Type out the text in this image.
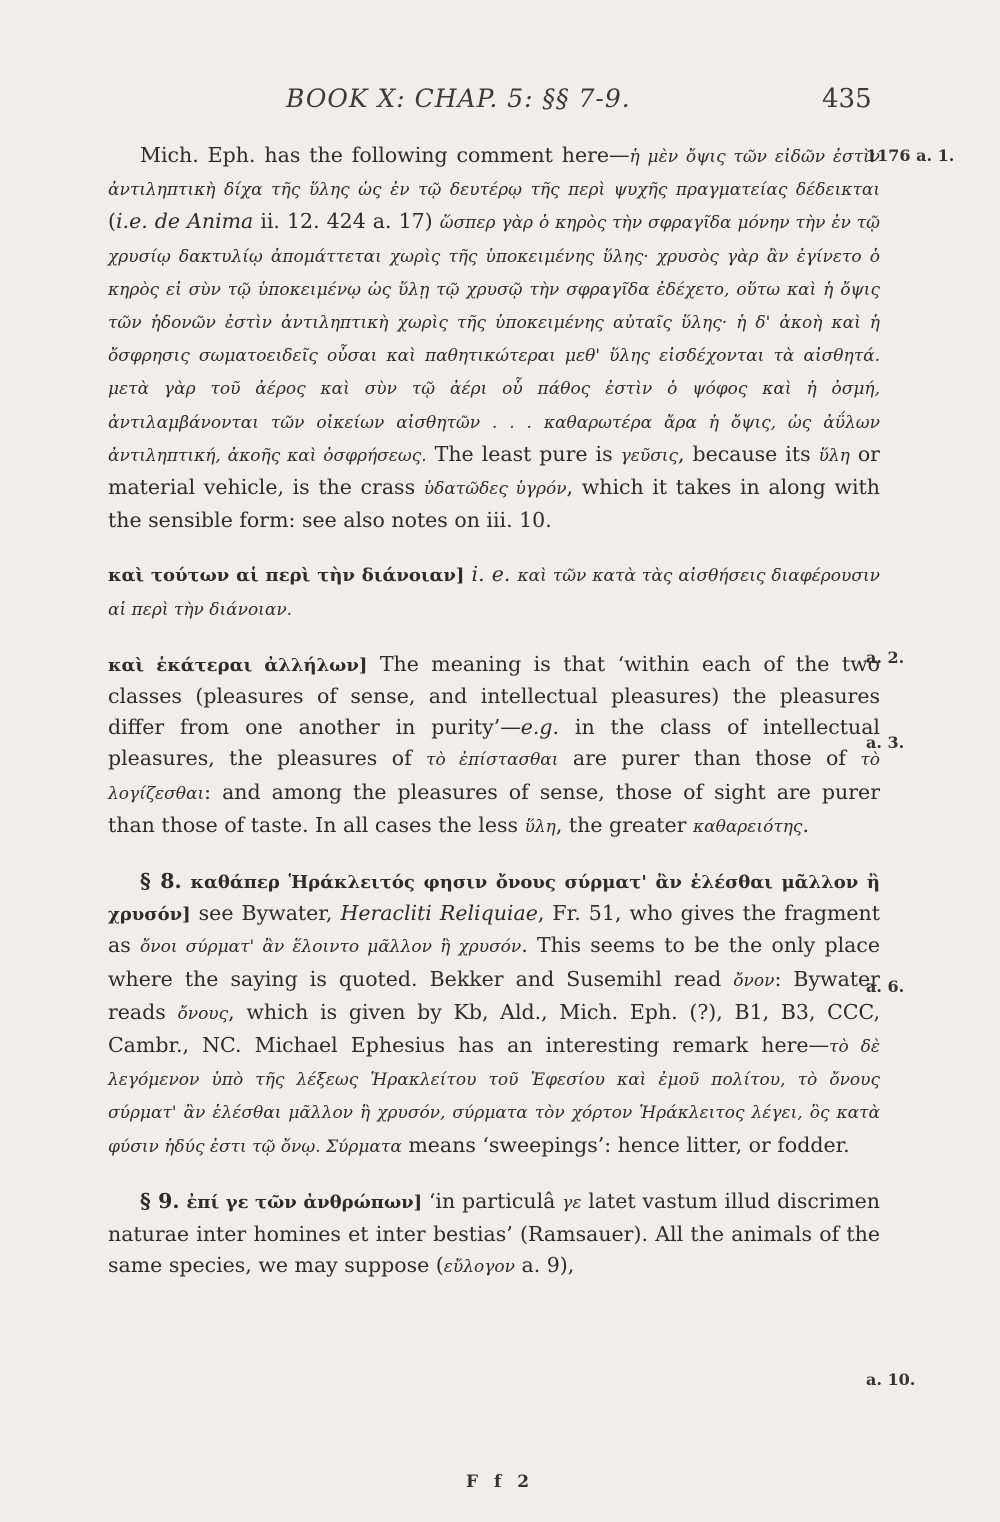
BOOK X: CHAP. 5: §§ 7-9.	435
1176 a. 1.
a. 2.
a. 3.
a. 6.
a. 10.

Mich. Eph. has the following comment here—ἡ μὲν ὄψις τῶν εἰδῶν ἐστὶν ἀντιληπτικὴ δίχα τῆς ὕλης ὡς ἐν τῷ δευτέρῳ τῆς περὶ ψυχῆς πραγματείας δέδεικται (i.e. de Anima ii. 12. 424 a. 17) ὥσπερ γὰρ ὁ κηρὸς τὴν σφραγῖδα μόνην τὴν ἐν τῷ χρυσίῳ δακτυλίῳ ἀπομάττεται χωρὶς τῆς ὑποκειμένης ὕλης· χρυσὸς γὰρ ἂν ἐγίνετο ὁ κηρὸς εἰ σὺν τῷ ὑποκειμένῳ ὡς ὕλῃ τῷ χρυσῷ τὴν σφραγῖδα ἐδέχετο, οὕτω καὶ ἡ ὄψις τῶν ἡδονῶν ἐστὶν ἀντιληπτικὴ χωρὶς τῆς ὑποκειμένης αὐταῖς ὕλης· ἡ δ' ἀκοὴ καὶ ἡ ὄσφρησις σωματοειδεῖς οὖσαι καὶ παθητικώτεραι μεθ' ὕλης εἰσδέχονται τὰ αἰσθητά. μετὰ γὰρ τοῦ ἀέρος καὶ σὺν τῷ ἀέρι οὗ πάθος ἐστὶν ὁ ψόφος καὶ ἡ ὀσμή, ἀντιλαμβάνονται τῶν οἰκείων αἰσθητῶν . . . καθαρωτέρα ἄρα ἡ ὄψις, ὡς ἀΰλων ἀντιληπτική, ἀκοῆς καὶ ὀσφρήσεως. The least pure is γεῦσις, because its ὕλη or material vehicle, is the crass ὑδατῶδες ὑγρόν, which it takes in along with the sensible form: see also notes on iii. 10.

καὶ τούτων αἱ περὶ τὴν διάνοιαν] i. e. καὶ τῶν κατὰ τὰς αἰσθήσεις διαφέρουσιν αἱ περὶ τὴν διάνοιαν.

καὶ ἑκάτεραι ἀλλήλων] The meaning is that ‘within each of the two classes (pleasures of sense, and intellectual pleasures) the pleasures differ from one another in purity’—e.g. in the class of intellectual pleasures, the pleasures of τὸ ἐπίστασθαι are purer than those of τὸ λογίζεσθαι: and among the pleasures of sense, those of sight are purer than those of taste. In all cases the less ὕλη, the greater καθαρειότης.

§ 8. καθάπερ Ἡράκλειτός φησιν ὄνους σύρματ' ἂν ἑλέσθαι μᾶλλον ἢ χρυσόν] see Bywater, Heracliti Reliquiae, Fr. 51, who gives the fragment as ὄνοι σύρματ' ἂν ἕλοιντο μᾶλλον ἢ χρυσόν. This seems to be the only place where the saying is quoted. Bekker and Susemihl read ὄνον: Bywater reads ὄνους, which is given by Kb, Ald., Mich. Eph. (?), B1, B3, CCC, Cambr., NC. Michael Ephesius has an interesting remark here—τὸ δὲ λεγόμενον ὑπὸ τῆς λέξεως Ἡρακλείτου τοῦ Ἐφεσίου καὶ ἐμοῦ πολίτου, τὸ ὄνους σύρματ' ἂν ἑλέσθαι μᾶλλον ἢ χρυσόν, σύρματα τὸν χόρτον Ἡράκλειτος λέγει, ὃς κατὰ φύσιν ἡδύς ἐστι τῷ ὄνῳ. Σύρματα means ‘sweepings’: hence litter, or fodder.

§ 9. ἐπί γε τῶν ἀνθρώπων] ‘in particulâ γε latet vastum illud discrimen naturae inter homines et inter bestias’ (Ramsauer). All the animals of the same species, we may suppose (εὔλογον a. 9),

F f 2
